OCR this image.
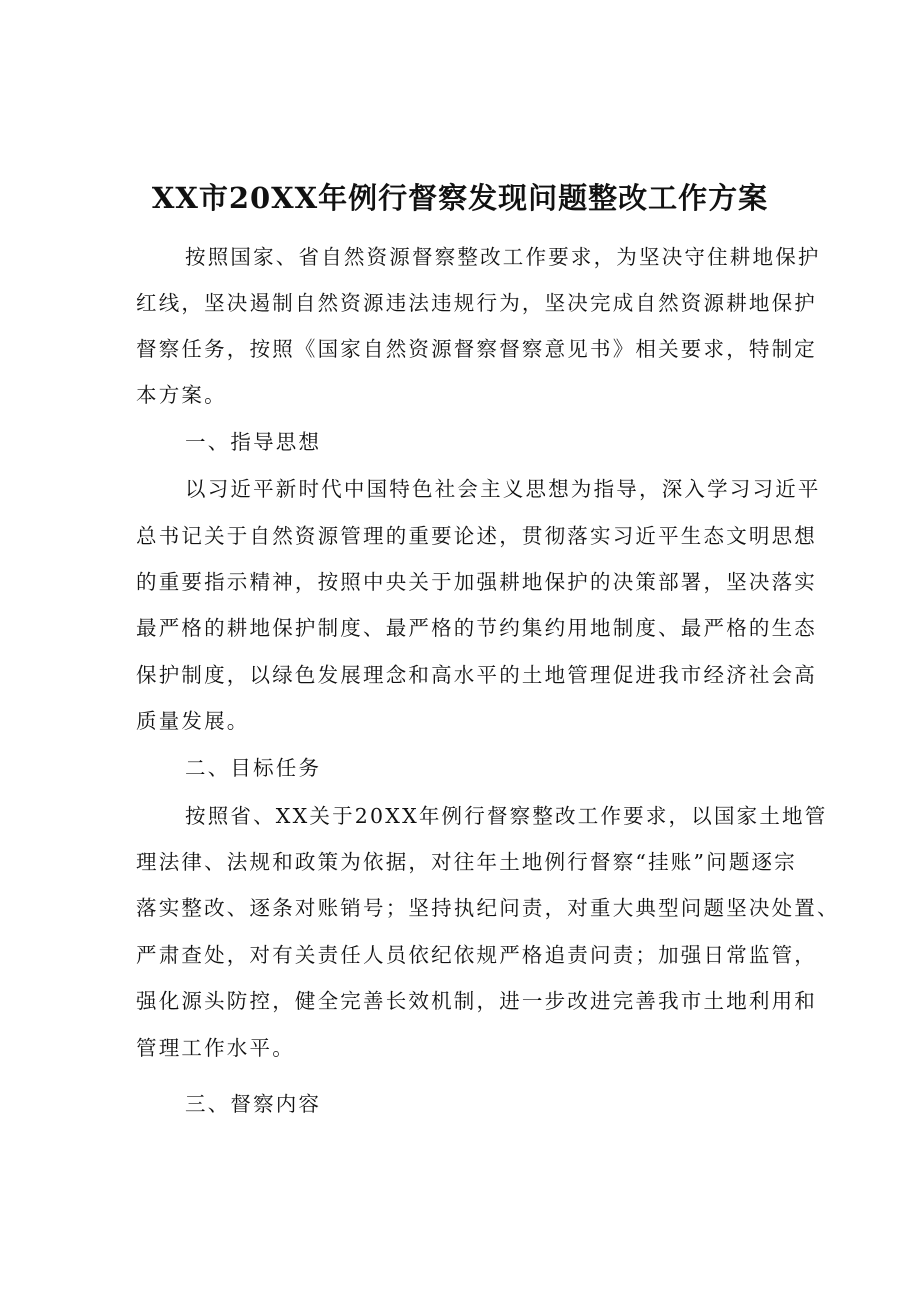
XX市20XX年例行督察发现问题整改工作方案
按照国家、省自然资源督察整改工作要求，为坚决守住耕地保护
红线，坚决遏制自然资源违法违规行为，坚决完成自然资源耕地保护
督察任务，按照《国家自然资源督察督察意见书》相关要求，特制定
本方案。
一、指导思想
以习近平新时代中国特色社会主义思想为指导，深入学习习近平
总书记关于自然资源管理的重要论述，贯彻落实习近平生态文明思想
的重要指示精神，按照中央关于加强耕地保护的决策部署，坚决落实
最严格的耕地保护制度、最严格的节约集约用地制度、最严格的生态
保护制度，以绿色发展理念和高水平的土地管理促进我市经济社会高
质量发展。
二、目标任务
按照省、XX关于20XX年例行督察整改工作要求，以国家土地管
理法律、法规和政策为依据，对往年土地例行督察“挂账”问题逐宗
落实整改、逐条对账销号；坚持执纪问责，对重大典型问题坚决处置、
严肃查处，对有关责任人员依纪依规严格追责问责；加强日常监管，
强化源头防控，健全完善长效机制，进一步改进完善我市土地利用和
管理工作水平。
三、督察内容
